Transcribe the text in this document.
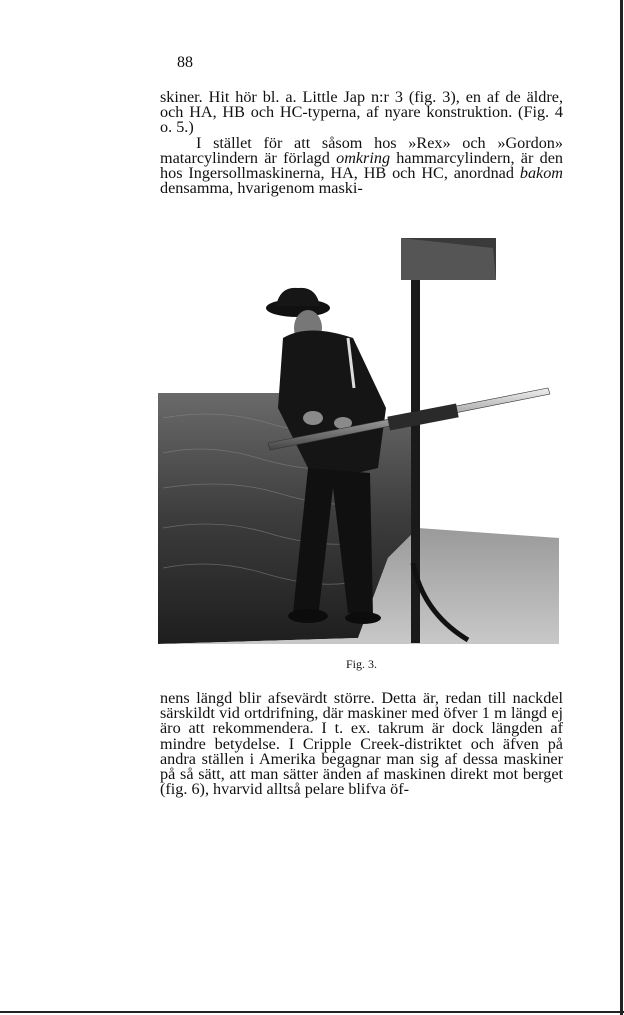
88

skiner. Hit hör bl. a. Little Jap n:r 3 (fig. 3), en af de äldre, och HA, HB och HC-typerna, af nyare konstruktion. (Fig. 4 o. 5.)

I stället för att såsom hos »Rex» och »Gordon» matarcylindern är förlagd omkring hammarcylindern, är den hos Ingersollmaskinerna, HA, HB och HC, anordnad bakom densamma, hvarigenom maski-

Fig. 3.

nens längd blir afsevärdt större. Detta är, redan till nackdel särskildt vid ortdrifning, där maskiner med öfver 1 m längd ej äro att rekommendera. I t. ex. takrum är dock längden af mindre betydelse. I Cripple Creek-distriktet och äfven på andra ställen i Amerika begagnar man sig af dessa maskiner på så sätt, att man sätter änden af maskinen direkt mot berget (fig. 6), hvarvid alltså pelare blifva öf-
